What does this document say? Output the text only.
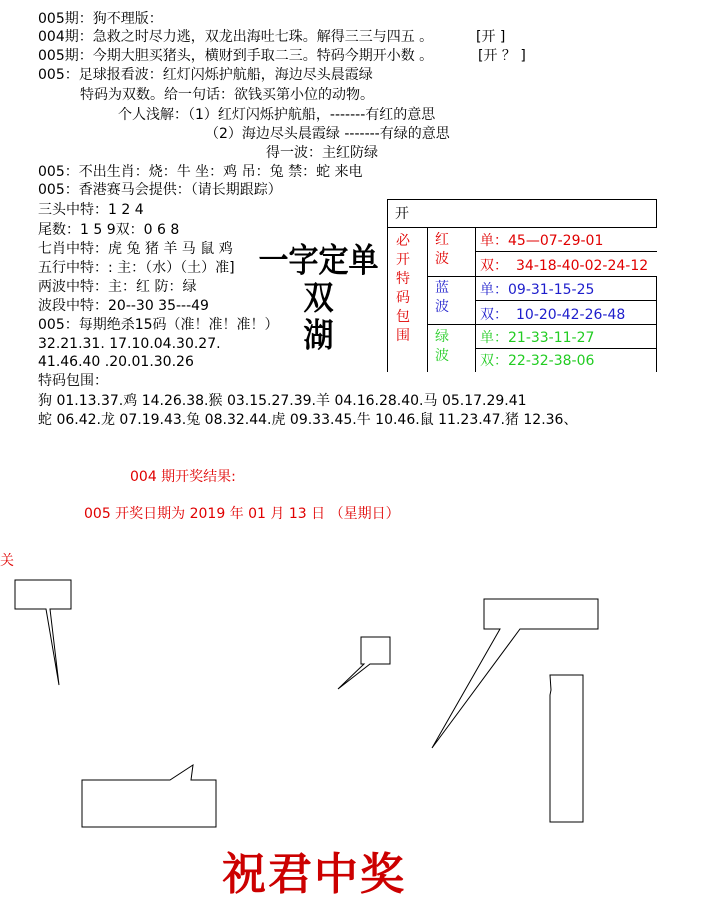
005期：狗不理版：
004期：急救之时尽力逃，双龙出海吐七珠。解得三三与四五 。	[开 ]
005期：今期大胆买猪头，横财到手取二三。特码今期开小数 。	[开 ？ ]
005：足球报看波：红灯闪烁护航船，海边尽头晨霞绿
特码为双数。给一句话：欲钱买第小位的动物。
个人浅解：（1）红灯闪烁护航船，-------有红的意思
（2）海边尽头晨霞绿 -------有绿的意思
得一波：主红防绿
005：不出生肖：烧：牛 坐：鸡 吊：兔 禁：蛇 来电
005：香港赛马会提供：（请长期跟踪）
三头中特：1 2 4
尾数：1 5 9双：0 6 8
七肖中特：虎 兔 猪 羊 马 鼠 鸡
五行中特：: 主：（水）（土）准]
两波中特：主：红 防：绿
波段中特：20--30 35---49
005：每期绝杀15码（准！准！准！）
32.21.31. 17.10.04.30.27.
41.46.40 .20.01.30.26
特码包围：
狗 01.13.37.鸡 14.26.38.猴 03.15.27.39.羊 04.16.28.40.马 05.17.29.41
蛇 06.42.龙 07.19.43.兔 08.32.44.虎 09.33.45.牛 10.46.鼠 11.23.47.猪 12.36、
一字定单双
湖
开
必
开
特
码
包
围
红
波
蓝
波
绿
波
单：45—07-29-01
双： 34-18-40-02-24-12
单：09-31-15-25
双： 10-20-42-26-48
单：21-33-11-27
双：22-32-38-06
004 期开奖结果:
005 开奖日期为 2019 年 01 月 13 日 （星期日）
关
祝君中奖
